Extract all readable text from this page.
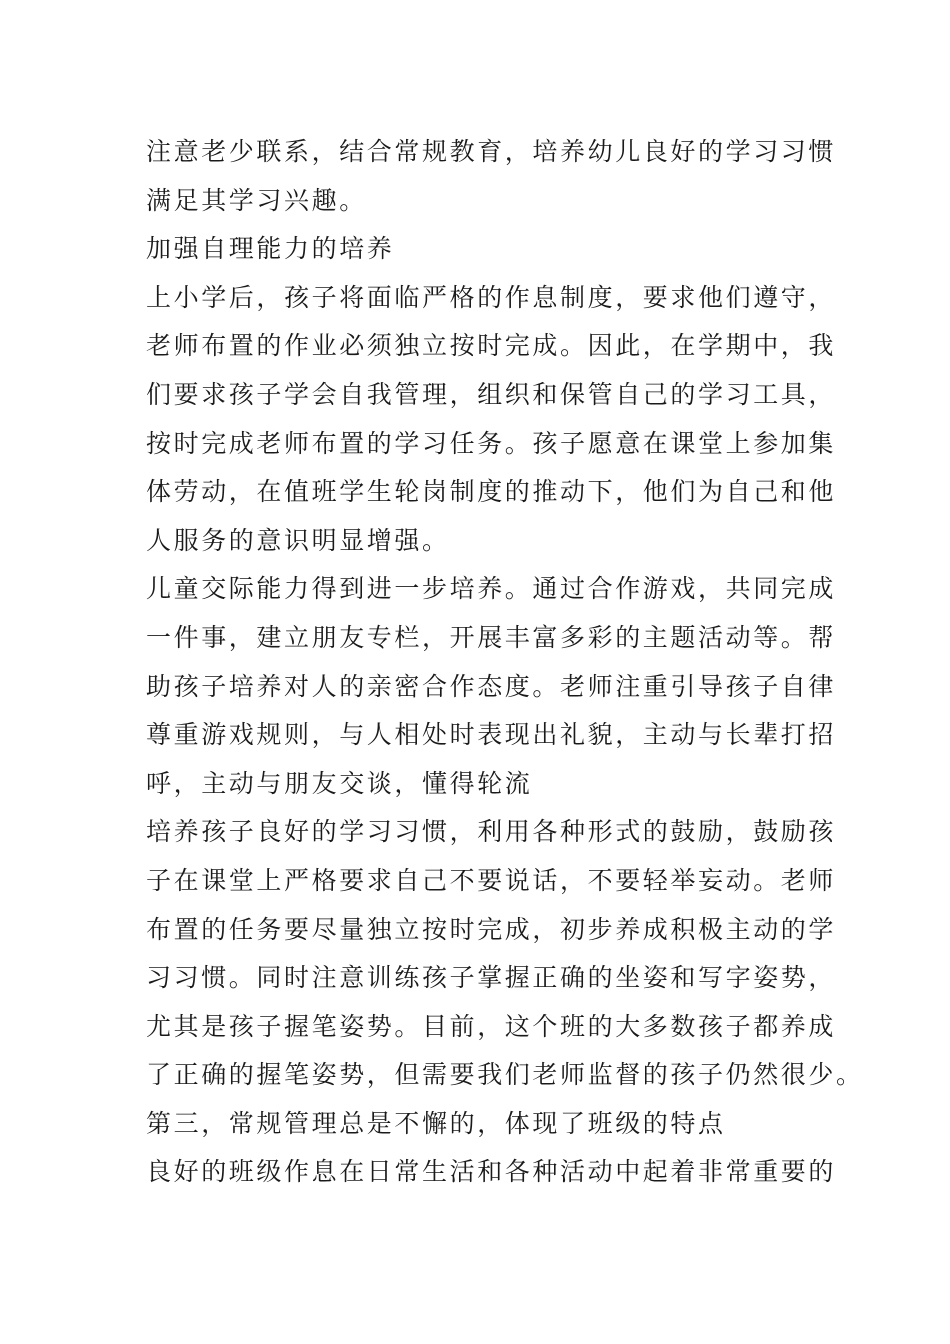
注意老少联系，结合常规教育，培养幼儿良好的学习习惯
满足其学习兴趣。
加强自理能力的培养
上小学后，孩子将面临严格的作息制度，要求他们遵守，
老师布置的作业必须独立按时完成。因此，在学期中，我
们要求孩子学会自我管理，组织和保管自己的学习工具，
按时完成老师布置的学习任务。孩子愿意在课堂上参加集
体劳动，在值班学生轮岗制度的推动下，他们为自己和他
人服务的意识明显增强。
儿童交际能力得到进一步培养。通过合作游戏，共同完成
一件事，建立朋友专栏，开展丰富多彩的主题活动等。帮
助孩子培养对人的亲密合作态度。老师注重引导孩子自律
尊重游戏规则，与人相处时表现出礼貌，主动与长辈打招
呼，主动与朋友交谈，懂得轮流
培养孩子良好的学习习惯，利用各种形式的鼓励，鼓励孩
子在课堂上严格要求自己不要说话，不要轻举妄动。老师
布置的任务要尽量独立按时完成，初步养成积极主动的学
习习惯。同时注意训练孩子掌握正确的坐姿和写字姿势，
尤其是孩子握笔姿势。目前，这个班的大多数孩子都养成
了正确的握笔姿势，但需要我们老师监督的孩子仍然很少。
第三，常规管理总是不懈的，体现了班级的特点
良好的班级作息在日常生活和各种活动中起着非常重要的
